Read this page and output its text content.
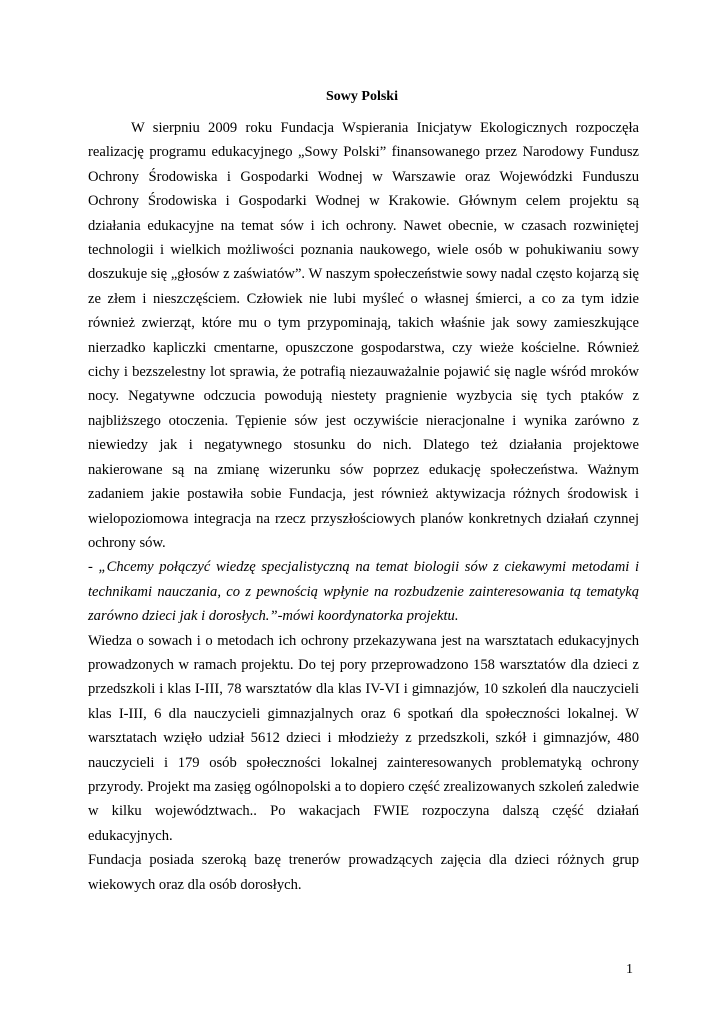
Sowy Polski

W sierpniu 2009 roku Fundacja Wspierania Inicjatyw Ekologicznych rozpoczęła realizację programu edukacyjnego „Sowy Polski” finansowanego przez Narodowy Fundusz Ochrony Środowiska i Gospodarki Wodnej w Warszawie oraz Wojewódzki Funduszu Ochrony Środowiska i Gospodarki Wodnej w Krakowie. Głównym celem projektu są działania edukacyjne na temat sów i ich ochrony. Nawet obecnie, w czasach rozwiniętej technologii i wielkich możliwości poznania naukowego, wiele osób w pohukiwaniu sowy doszukuje się „głosów z zaświatów”. W naszym społeczeństwie sowy nadal często kojarzą się ze złem i nieszczęściem. Człowiek nie lubi myśleć o własnej śmierci, a co za tym idzie również zwierząt, które mu o tym przypominają, takich właśnie jak sowy zamieszkujące nierzadko kapliczki cmentarne, opuszczone gospodarstwa, czy wieże kościelne. Również cichy i bezszelestny lot sprawia, że potrafią niezauważalnie pojawić się nagle wśród mroków nocy. Negatywne odczucia powodują niestety pragnienie wyzbycia się tych ptaków z najbliższego otoczenia. Tępienie sów jest oczywiście nieracjonalne i wynika zarówno z niewiedzy jak i negatywnego stosunku do nich. Dlatego też działania projektowe nakierowane są na zmianę wizerunku sów poprzez edukację społeczeństwa. Ważnym zadaniem jakie postawiła sobie Fundacja, jest również aktywizacja różnych środowisk i wielopoziomowa integracja na rzecz przyszłościowych planów konkretnych działań czynnej ochrony sów.

- „Chcemy połączyć wiedzę specjalistyczną na temat biologii sów z ciekawymi metodami i technikami nauczania, co z pewnością wpłynie na rozbudzenie zainteresowania tą tematyką zarówno dzieci jak i dorosłych.”-mówi koordynatorka projektu.

Wiedza o sowach i o metodach ich ochrony przekazywana jest na warsztatach edukacyjnych prowadzonych w ramach projektu. Do tej pory przeprowadzono 158 warsztatów dla dzieci z przedszkoli i klas I-III, 78 warsztatów dla klas IV-VI i gimnazjów, 10 szkoleń dla nauczycieli klas I-III, 6 dla nauczycieli gimnazjalnych oraz 6 spotkań dla społeczności lokalnej. W warsztatach wzięło udział 5612 dzieci i młodzieży z przedszkoli, szkół i gimnazjów, 480 nauczycieli i 179 osób społeczności lokalnej zainteresowanych problematyką ochrony przyrody. Projekt ma zasięg ogólnopolski a to dopiero część zrealizowanych szkoleń zaledwie w kilku województwach.. Po wakacjach FWIE rozpoczyna dalszą część działań edukacyjnych.

Fundacja posiada szeroką bazę trenerów prowadzących zajęcia dla dzieci różnych grup wiekowych oraz dla osób dorosłych.

1
